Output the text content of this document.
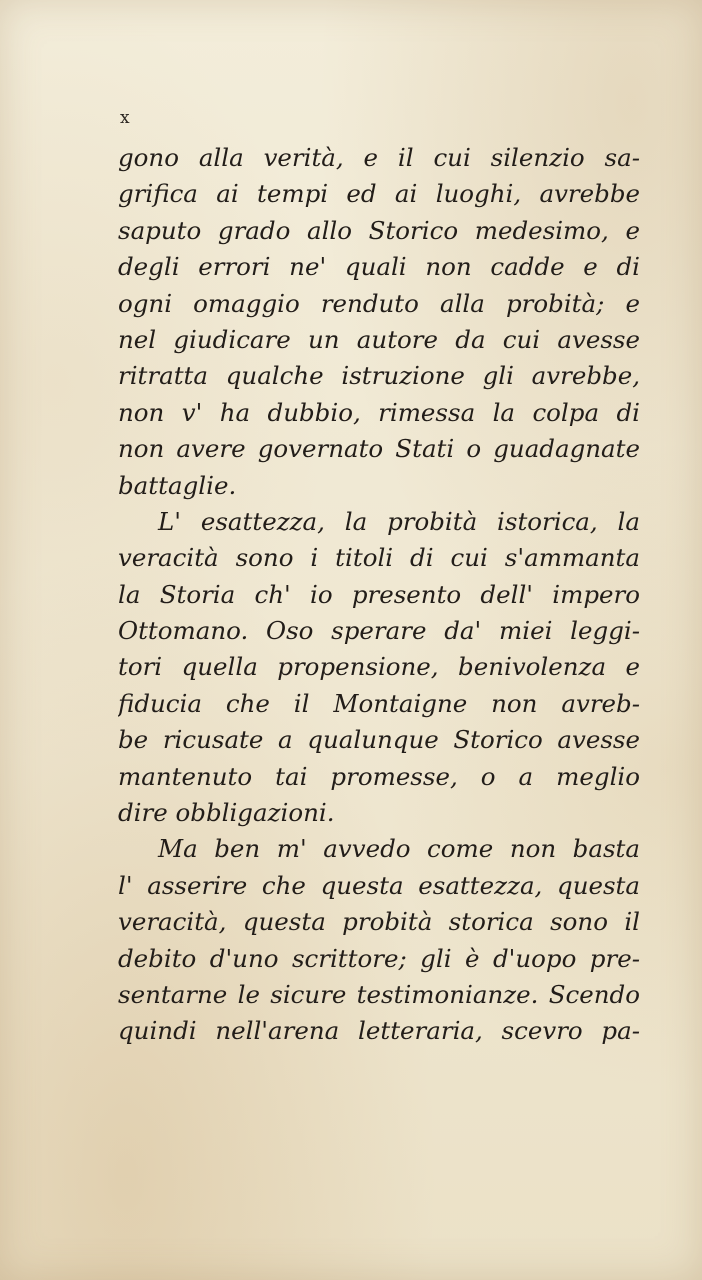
x
gono alla verità, e il cui silenzio sa-
grifica ai tempi ed ai luoghi, avrebbe
saputo grado allo Storico medesimo, e
degli errori ne' quali non cadde e di
ogni omaggio renduto alla probità; e
nel giudicare un autore da cui avesse
ritratta qualche istruzione gli avrebbe,
non v' ha dubbio, rimessa la colpa di
non avere governato Stati o guadagnate
battaglie.
L' esattezza, la probità istorica, la
veracità sono i titoli di cui s'ammanta
la Storia ch' io presento dell' impero
Ottomano. Oso sperare da' miei leggi-
tori quella propensione, benivolenza e
fiducia che il Montaigne non avreb-
be ricusate a qualunque Storico avesse
mantenuto tai promesse, o a meglio
dire obbligazioni.
Ma ben m' avvedo come non basta
l' asserire che questa esattezza, questa
veracità, questa probità storica sono il
debito d'uno scrittore; gli è d'uopo pre-
sentarne le sicure testimonianze. Scendo
quindi nell'arena letteraria, scevro pa-
